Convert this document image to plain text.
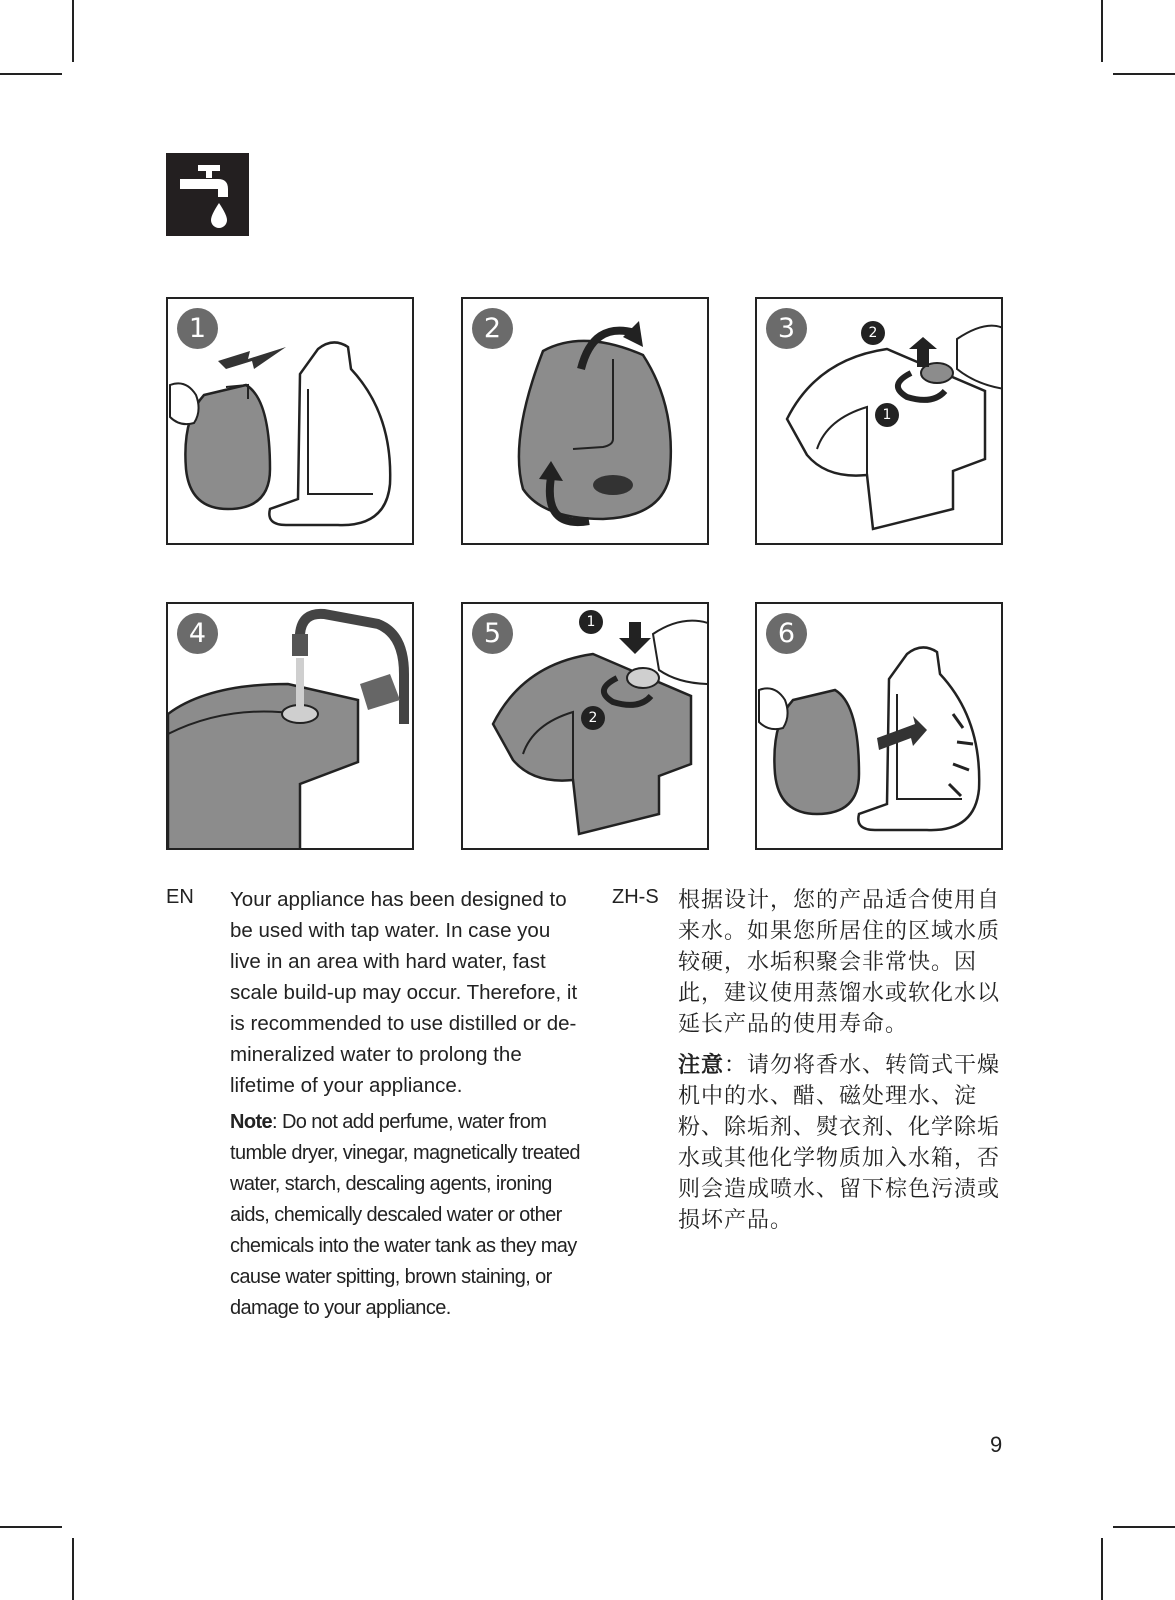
1	2	3	2
1
4	5	1
2
6
EN Your appliance has been designed to be used with tap water. In case you live in an area with hard water, fast scale build-up may occur. Therefore, it is recommended to use distilled or de-mineralized water to prolong the lifetime of your appliance.

Note: Do not add perfume, water from tumble dryer, vinegar, magnetically treated water, starch, descaling agents, ironing aids, chemically descaled water or other chemicals into the water tank as they may cause water spitting, brown staining, or damage to your appliance.

ZH-S 根据设计，您的产品适合使用自来水。如果您所居住的区域水质较硬，水垢积聚会非常快。因此，建议使用蒸馏水或软化水以延长产品的使用寿命。

注意：请勿将香水、转筒式干燥机中的水、醋、磁处理水、淀粉、除垢剂、熨衣剂、化学除垢水或其他化学物质加入水箱，否则会造成喷水、留下棕色污渍或损坏产品。

9
